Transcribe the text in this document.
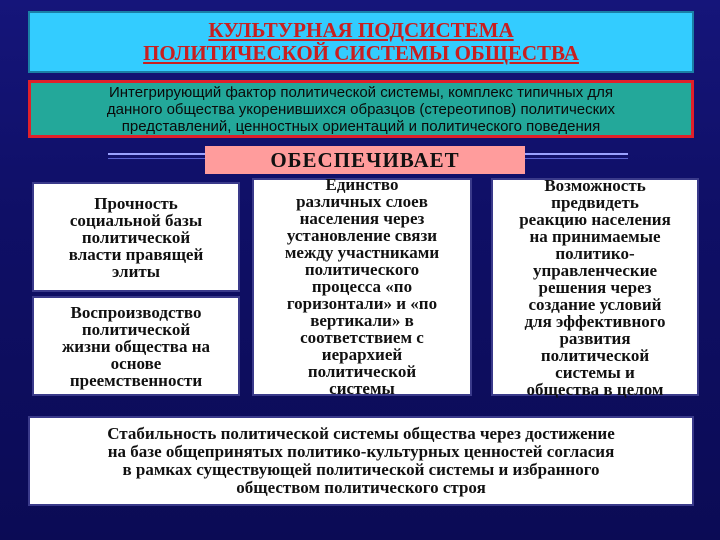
КУЛЬТУРНАЯ ПОДСИСТЕМА
ПОЛИТИЧЕСКОЙ СИСТЕМЫ ОБЩЕСТВА
Интегрирующий фактор политической системы, комплекс типичных для
данного общества укоренившихся образцов (стереотипов) политических
представлений, ценностных ориентаций и политического поведения
ОБЕСПЕЧИВАЕТ
Прочность
социальной базы
политической
власти правящей
элиты
Воспроизводство
политической
жизни общества на
основе
преемственности
Единство
различных слоев
населения через
установление связи
между участниками
политического
процесса «по
горизонтали» и «по
вертикали» в
соответствием с
иерархией
политической
системы
Возможность
предвидеть
реакцию населения
на принимаемые
политико-
управленческие
решения через
создание условий
для эффективного
развития
политической
системы и
общества в целом
Стабильность политической системы общества через достижение
на базе общепринятых политико-культурных ценностей согласия
в рамках существующей политической системы и избранного
обществом политического строя
